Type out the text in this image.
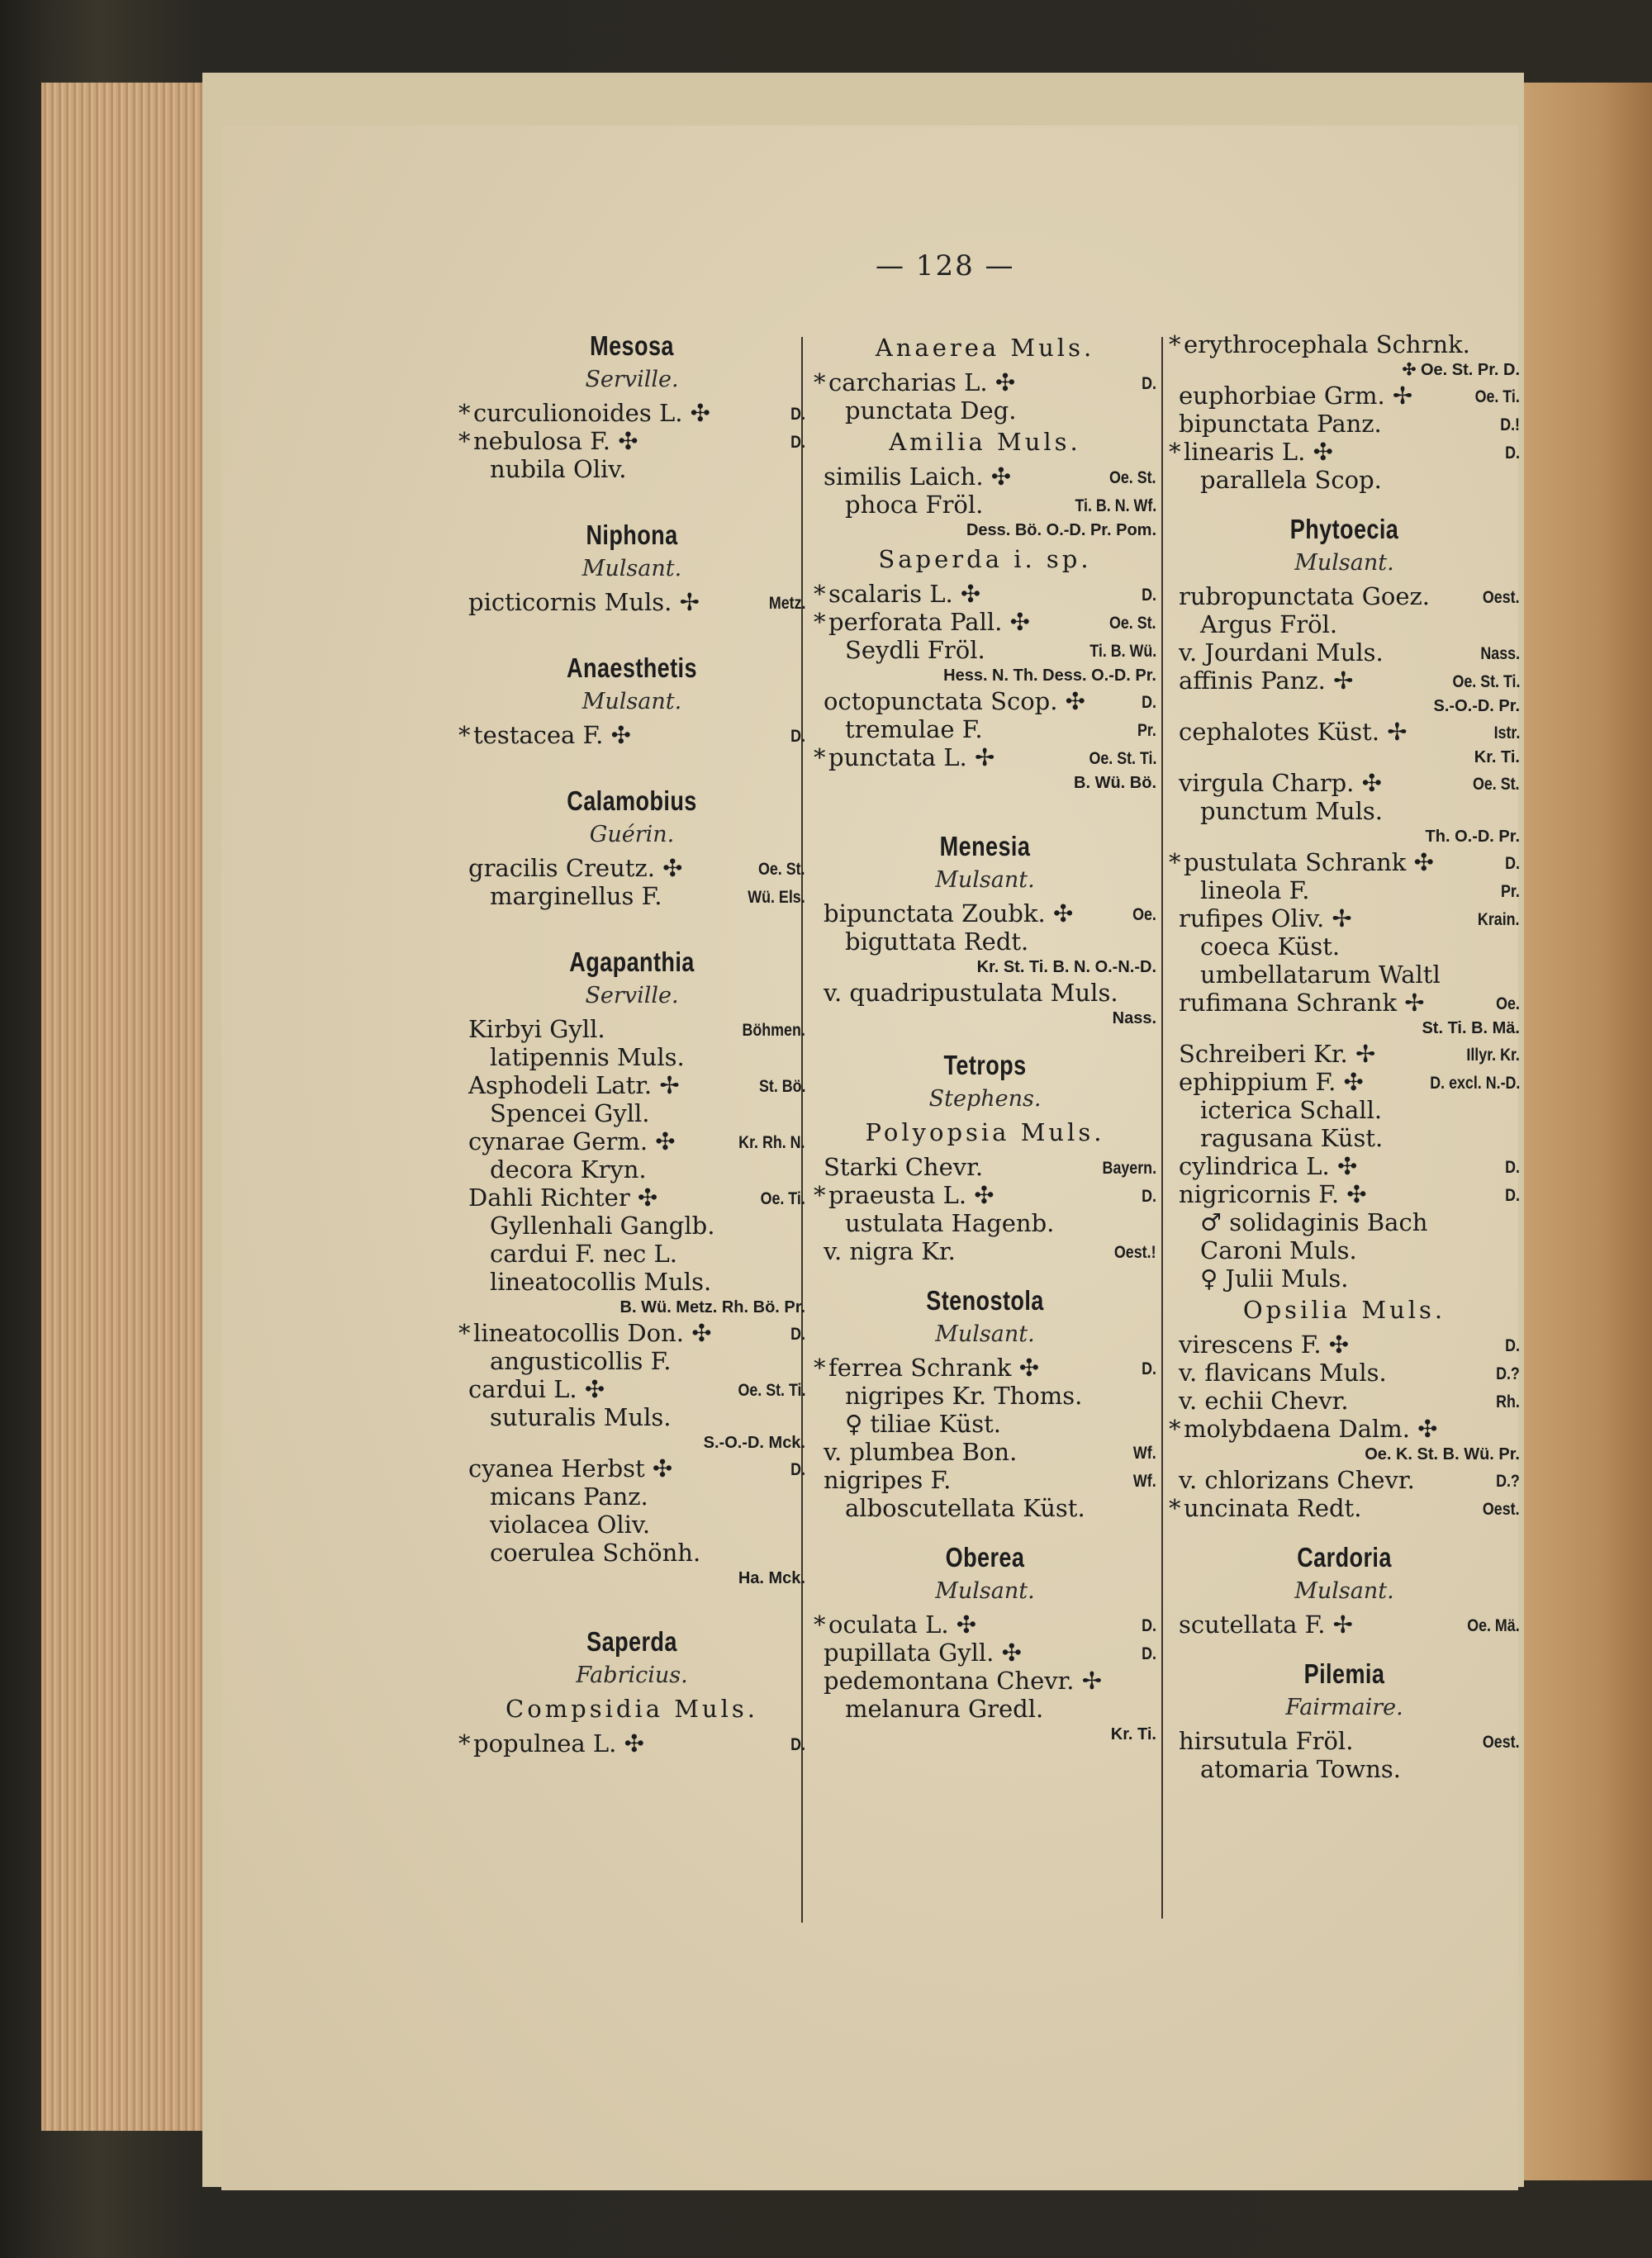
— 128 —
Mesosa
Serville.
* curculionoides L. ✣	D.
* nebulosa F. ✣	D.
nubila Oliv.
Niphona
Mulsant.
picticornis Muls. ✢	Metz.
Anaesthetis
Mulsant.
* testacea F. ✣	D.
Calamobius
Guérin.
gracilis Creutz. ✣	Oe. St.
marginellus F.	Wü. Els.
Agapanthia
Serville.
Kirbyi Gyll.	Böhmen.
latipennis Muls.
Asphodeli Latr. ✢	St. Bö.
Spencei Gyll.
cynarae Germ. ✣	Kr. Rh. N.
decora Kryn.
Dahli Richter ✣	Oe. Ti.
Gyllenhali Ganglb.
cardui F. nec L.
lineatocollis Muls.
B. Wü. Metz. Rh. Bö. Pr.
* lineatocollis Don. ✣	D.
angusticollis F.
cardui L. ✣	Oe. St. Ti.
suturalis Muls.
S.-O.-D. Mck.
cyanea Herbst ✣	D.
micans Panz.
violacea Oliv.
coerulea Schönh.
Ha. Mck.
Saperda
Fabricius.
Compsidia Muls.
* populnea L. ✣	D.
Anaerea Muls.
* carcharias L. ✣	D.
punctata Deg.
Amilia Muls.
similis Laich. ✣	Oe. St.
phoca Fröl.	Ti. B. N. Wf.
Dess. Bö. O.-D. Pr. Pom.
Saperda i. sp.
* scalaris L. ✣	D.
* perforata Pall. ✣	Oe. St.
Seydli Fröl.	Ti. B. Wü.
Hess. N. Th. Dess. O.-D. Pr.
octopunctata Scop. ✣	D.
tremulae F.	Pr.
* punctata L. ✢	Oe. St. Ti.
B. Wü. Bö.
Menesia
Mulsant.
bipunctata Zoubk. ✣	Oe.
biguttata Redt.
Kr. St. Ti. B. N. O.-N.-D.
v. quadripustulata Muls.
Nass.
Tetrops
Stephens.
Polyopsia Muls.
Starki Chevr.	Bayern.
* praeusta L. ✣	D.
ustulata Hagenb.
v. nigra Kr.	Oest.!
Stenostola
Mulsant.
* ferrea Schrank ✣	D.
nigripes Kr. Thoms.
♀ tiliae Küst.
v. plumbea Bon.	Wf.
nigripes F.	Wf.
alboscutellata Küst.
Oberea
Mulsant.
* oculata L. ✣	D.
pupillata Gyll. ✣	D.
pedemontana Chevr. ✢
melanura Gredl.
Kr. Ti.
* erythrocephala Schrnk.
✣ Oe. St. Pr. D.
euphorbiae Grm. ✢	Oe. Ti.
bipunctata Panz.	D.!
* linearis L. ✣	D.
parallela Scop.
Phytoecia
Mulsant.
rubropunctata Goez.	Oest.
Argus Fröl.
v. Jourdani Muls.	Nass.
affinis Panz. ✢	Oe. St. Ti.
S.-O.-D. Pr.
cephalotes Küst. ✢	Istr.
Kr. Ti.
virgula Charp. ✣	Oe. St.
punctum Muls.
Th. O.-D. Pr.
* pustulata Schrank ✣	D.
lineola F.	Pr.
rufipes Oliv. ✢	Krain.
coeca Küst.
umbellatarum Waltl
rufimana Schrank ✢	Oe.
St. Ti. B. Mä.
Schreiberi Kr. ✢	Illyr. Kr.
ephippium F. ✣	D. excl. N.-D.
icterica Schall.
ragusana Küst.
cylindrica L. ✣	D.
nigricornis F. ✣	D.
♂ solidaginis Bach
Caroni Muls.
♀ Julii Muls.
Opsilia Muls.
virescens F. ✣	D.
v. flavicans Muls.	D.?
v. echii Chevr.	Rh.
* molybdaena Dalm. ✣
Oe. K. St. B. Wü. Pr.
v. chlorizans Chevr.	D.?
* uncinata Redt.	Oest.
Cardoria
Mulsant.
scutellata F. ✢	Oe. Mä.
Pilemia
Fairmaire.
hirsutula Fröl.	Oest.
atomaria Towns.
